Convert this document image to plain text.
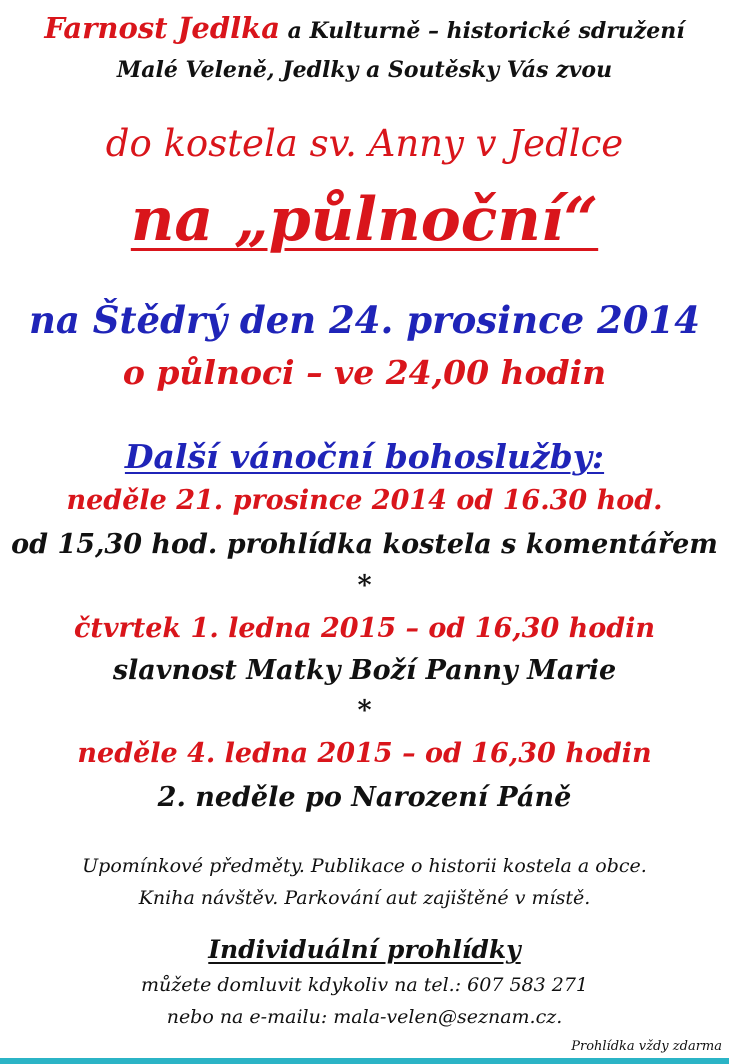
Farnost Jedlka a Kulturně – historické sdružení
Malé Veleně, Jedlky a Soutěsky Vás zvou
do kostela sv. Anny v Jedlce
na „půlnoční“
na Štědrý den 24. prosince 2014
o půlnoci – ve 24,00 hodin
Další vánoční bohoslužby:
neděle 21. prosince 2014 od 16.30 hod.
od 15,30 hod. prohlídka kostela s komentářem
*
čtvrtek 1. ledna 2015 – od 16,30 hodin
slavnost Matky Boží Panny Marie
*
neděle 4. ledna 2015 – od 16,30 hodin
2. neděle po Narození Páně
Upomínkové předměty. Publikace o historii kostela a obce.
Kniha návštěv. Parkování aut zajištěné v místě.
Individuální prohlídky
můžete domluvit kdykoliv na tel.: 607 583 271
nebo na e-mailu: mala-velen@seznam.cz.
Prohlídka vždy zdarma
